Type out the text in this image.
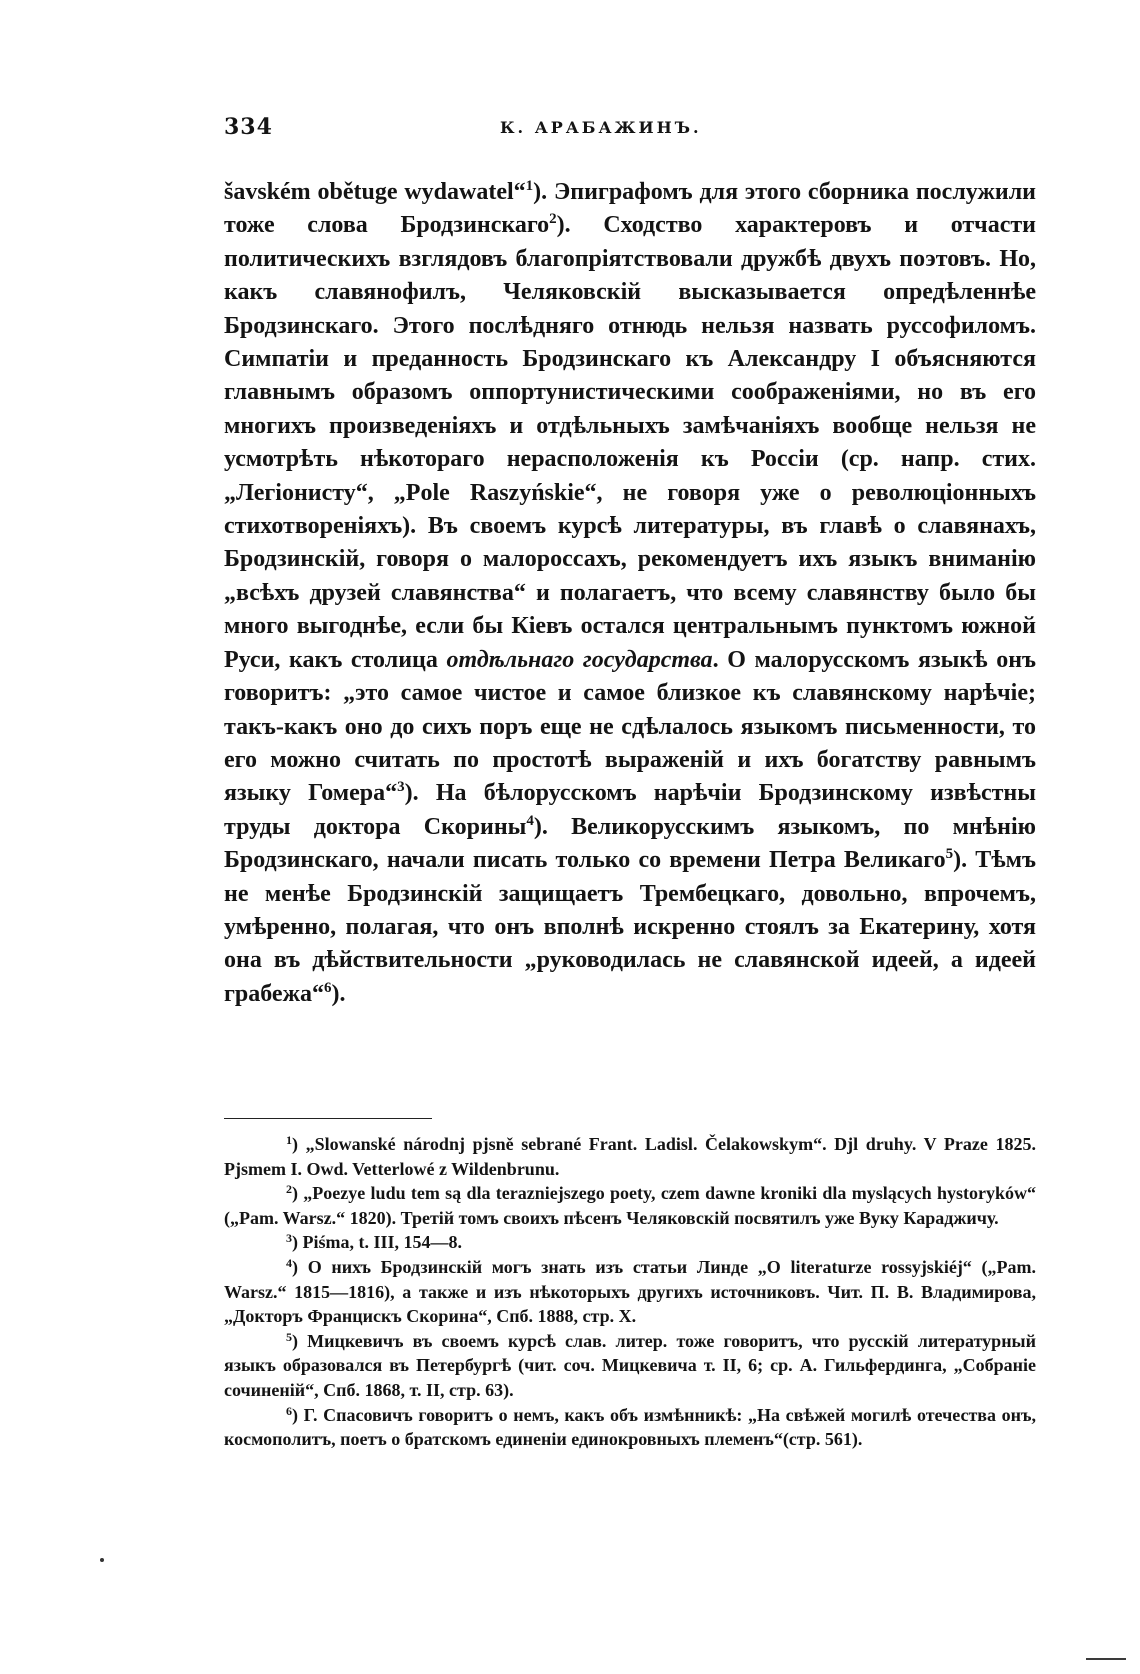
334	К. АРАБАЖИНЪ.

šavském obětuge wydawatel“$^1$). Эпиграфомъ для этого сборника послужили тоже слова Бродзинскаго$^2$). Сходство характеровъ и отчасти политическихъ взглядовъ благопріятствовали дружбѣ двухъ поэтовъ. Но, какъ славянофилъ, Челяковскій высказывается опредѣленнѣе Бродзинскаго. Этого послѣдняго отнюдь нельзя назвать руссофиломъ. Симпатіи и преданность Бродзинскаго къ Александру I объясняются главнымъ образомъ оппортунистическими соображеніями, но въ его многихъ произведеніяхъ и отдѣльныхъ замѣчаніяхъ вообще нельзя не усмотрѣть нѣкотораго нерасположенія къ Россіи (ср. напр. стих. „Легіонисту“, „Pole Raszyńskie“, не говоря уже о революціонныхъ стихотвореніяхъ). Въ своемъ курсѣ литературы, въ главѣ о славянахъ, Бродзинскій, говоря о малороссахъ, рекомендуетъ ихъ языкъ вниманію „всѣхъ друзей славянства“ и полагаетъ, что всему славянству было бы много выгоднѣе, если бы Кіевъ остался центральнымъ пунктомъ южной Руси, какъ столица отдѣльнаго государства. О малорусскомъ языкѣ онъ говоритъ: „это самое чистое и самое близкое къ славянскому нарѣчіе; такъ-какъ оно до сихъ поръ еще не сдѣлалось языкомъ письменности, то его можно считать по простотѣ выраженій и ихъ богатству равнымъ языку Гомера“$^3$). На бѣлорусскомъ нарѣчіи Бродзинскому извѣстны труды доктора Скорины$^4$). Великорусскимъ языкомъ, по мнѣнію Бродзинскаго, начали писать только со времени Петра Великаго$^5$). Тѣмъ не менѣе Бродзинскій защищаетъ Трембецкаго, довольно, впрочемъ, умѣренно, полагая, что онъ вполнѣ искренно стоялъ за Екатерину, хотя она въ дѣйствительности „руководилась не славянской идеей, а идеей грабежа“$^6$).

$^1$) „Slowanské národnj pjsně sebrané Frant. Ladisl. Čelakowskym“. Djl druhy. V Praze 1825. Pjsmem I. Owd. Vetterlowé z Wildenbrunu.

$^2$) „Poezye ludu tem są dla terazniejszego poety, czem dawne kroniki dla myslących hystoryków“ („Pam. Warsz.“ 1820). Третій томъ своихъ пѣсенъ Челяковскій посвятилъ уже Вуку Караджичу.

$^3$) Piśma, t. III, 154—8.

$^4$) О нихъ Бродзинскій могъ знать изъ статьи Линде „O literaturze rossyjskiéj“ („Pam. Warsz.“ 1815—1816), а также и изъ нѣкоторыхъ другихъ источниковъ. Чит. П. В. Владимирова, „Докторъ Францискъ Скорина“, Спб. 1888, стр. X.

$^5$) Мицкевичъ въ своемъ курсѣ слав. литер. тоже говоритъ, что русскій литературный языкъ образовался въ Петербургѣ (чит. соч. Мицкевича т. II, 6; ср. А. Гильфердинга, „Собраніе сочиненій“, Спб. 1868, т. II, стр. 63).

$^6$) Г. Спасовичъ говоритъ о немъ, какъ объ измѣнникѣ: „На свѣжей могилѣ отечества онъ, космополитъ, поетъ о братскомъ единеніи единокровныхъ племенъ“(стр. 561).
